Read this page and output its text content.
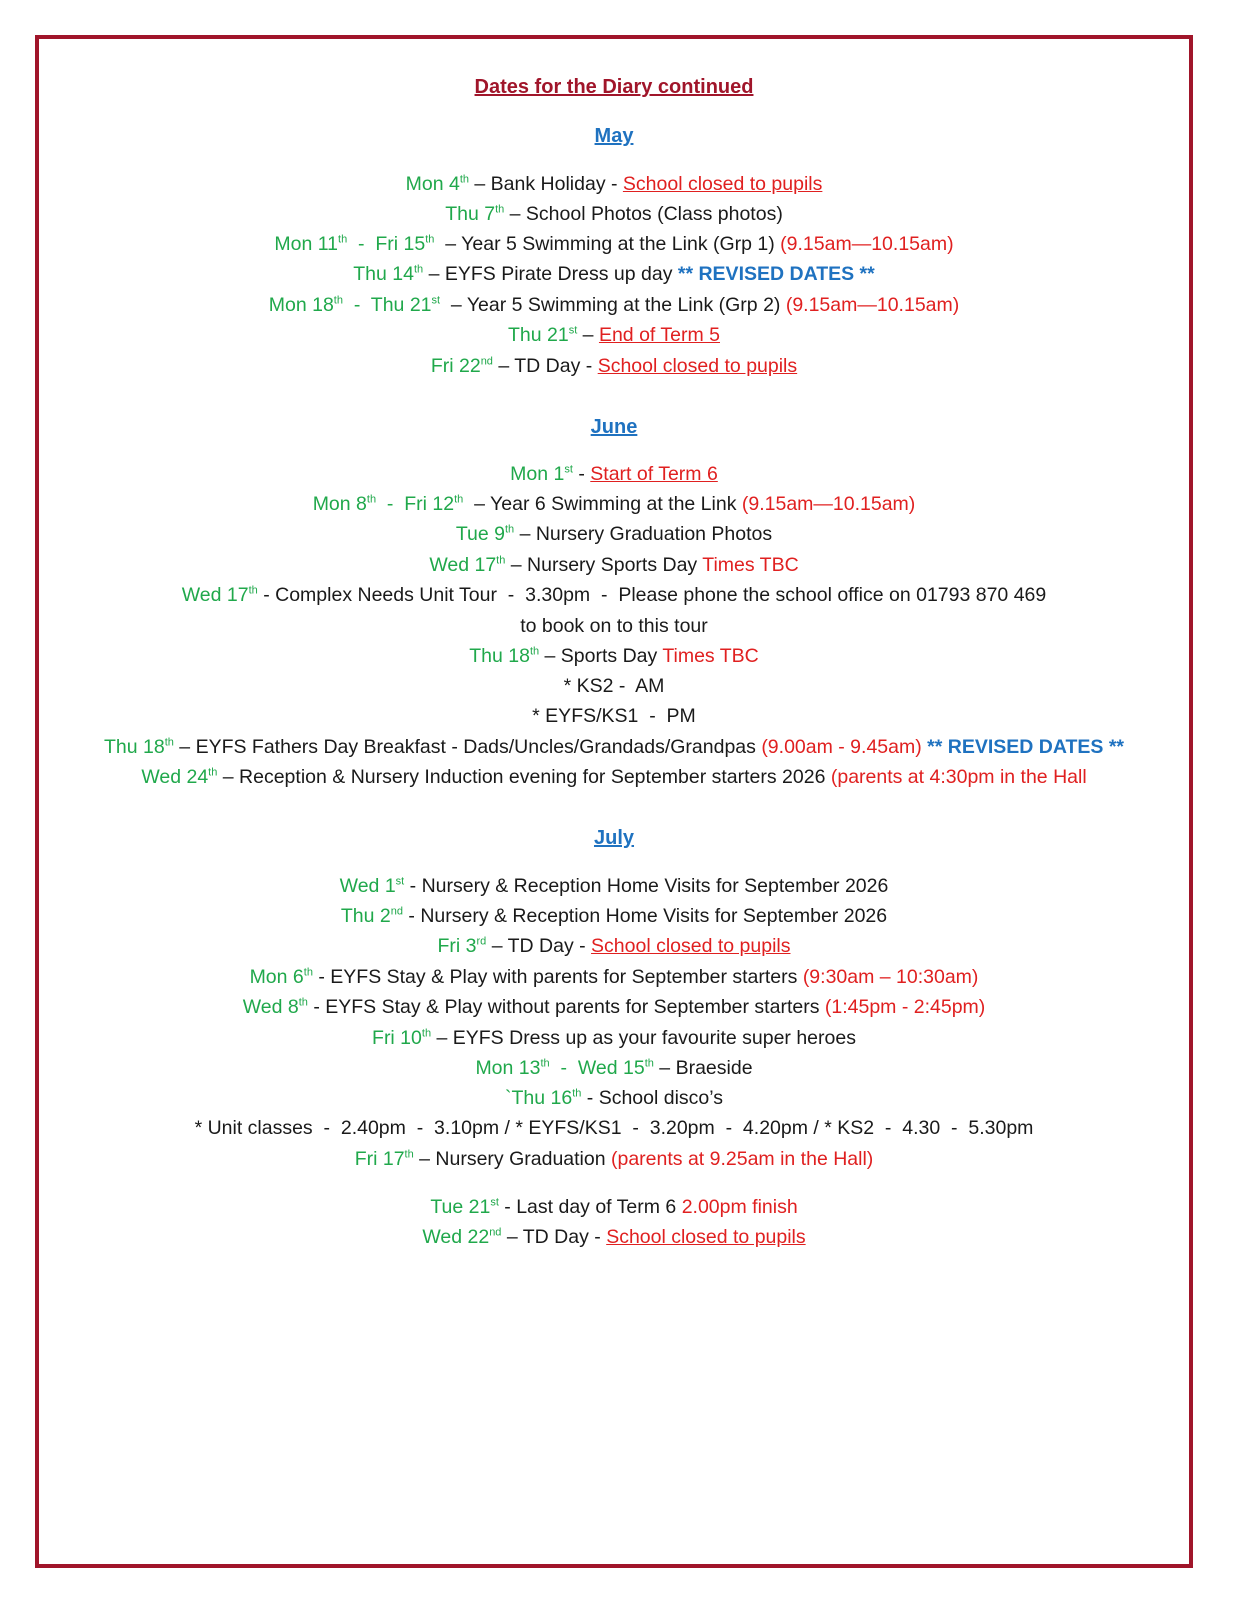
Dates for the Diary continued
May
Mon 4th – Bank Holiday - School closed to pupils
Thu 7th – School Photos (Class photos)
Mon 11th  -  Fri 15th  – Year 5 Swimming at the Link (Grp 1) (9.15am—10.15am)
Thu 14th – EYFS Pirate Dress up day ** REVISED DATES **
Mon 18th  -  Thu 21st  – Year 5 Swimming at the Link (Grp 2) (9.15am—10.15am)
Thu 21st – End of Term 5
Fri 22nd – TD Day - School closed to pupils
June
Mon 1st - Start of Term 6
Mon 8th  -  Fri 12th  – Year 6 Swimming at the Link (9.15am—10.15am)
Tue 9th – Nursery Graduation Photos
Wed 17th – Nursery Sports Day Times TBC
Wed 17th - Complex Needs Unit Tour  -  3.30pm  -  Please phone the school office on 01793 870 469
to book on to this tour
Thu 18th – Sports Day Times TBC
* KS2 -  AM
* EYFS/KS1  -  PM
Thu 18th – EYFS Fathers Day Breakfast - Dads/Uncles/Grandads/Grandpas (9.00am - 9.45am) ** REVISED DATES **
Wed 24th – Reception & Nursery Induction evening for September starters 2026 (parents at 4:30pm in the Hall
July
Wed 1st - Nursery & Reception Home Visits for September 2026
Thu 2nd - Nursery & Reception Home Visits for September 2026
Fri 3rd – TD Day - School closed to pupils
Mon 6th - EYFS Stay & Play with parents for September starters (9:30am – 10:30am)
Wed 8th - EYFS Stay & Play without parents for September starters (1:45pm - 2:45pm)
Fri 10th – EYFS Dress up as your favourite super heroes
Mon 13th  -  Wed 15th – Braeside
`Thu 16th - School disco’s
* Unit classes  -  2.40pm  -  3.10pm / * EYFS/KS1  -  3.20pm  -  4.20pm / * KS2  -  4.30  -  5.30pm
Fri 17th – Nursery Graduation (parents at 9.25am in the Hall)
Tue 21st - Last day of Term 6 2.00pm finish
Wed 22nd – TD Day - School closed to pupils
